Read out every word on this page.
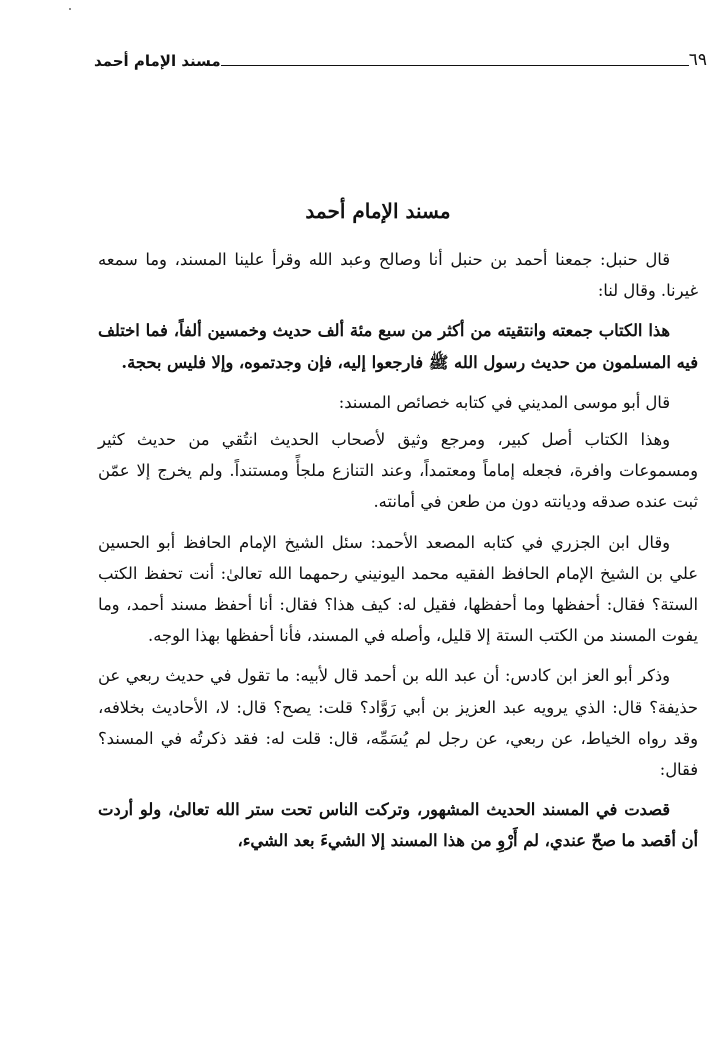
٦٩
مسند الإمام أحمد
مسند الإمام أحمد

قال حنبل: جمعنا أحمد بن حنبل أنا وصالح وعبد الله وقرأ علينا المسند، وما سمعه غيرنا. وقال لنا:

هذا الكتاب جمعته وانتقيته من أكثر من سبع مئة ألف حديث وخمسين ألفاً، فما اختلف فيه المسلمون من حديث رسول الله ﷺ فارجعوا إليه، فإن وجدتموه، وإلا فليس بحجة.

قال أبو موسى المديني في كتابه خصائص المسند:

وهذا الكتاب أصل كبير، ومرجع وثيق لأصحاب الحديث انتُقي من حديث كثير ومسموعات وافرة، فجعله إماماً ومعتمداً، وعند التنازع ملجأً ومستنداً. ولم يخرج إلا عمّن ثبت عنده صدقه وديانته دون من طعن في أمانته.

وقال ابن الجزري في كتابه المصعد الأحمد: سئل الشيخ الإمام الحافظ أبو الحسين علي بن الشيخ الإمام الحافظ الفقيه محمد اليونيني رحمهما الله تعالىٰ: أنت تحفظ الكتب الستة؟ فقال: أحفظها وما أحفظها، فقيل له: كيف هذا؟ فقال: أنا أحفظ مسند أحمد، وما يفوت المسند من الكتب الستة إلا قليل، وأصله في المسند، فأنا أحفظها بهذا الوجه.

وذكر أبو العز ابن كادس: أن عبد الله بن أحمد قال لأبيه: ما تقول في حديث ربعي عن حذيفة؟ قال: الذي يرويه عبد العزيز بن أبي رَوَّاد؟ قلت: يصح؟ قال: لا، الأحاديث بخلافه، وقد رواه الخياط، عن ربعي، عن رجل لم يُسَمِّه، قال: قلت له: فقد ذكرتُه في المسند؟ فقال:

قصدت في المسند الحديث المشهور، وتركت الناس تحت ستر الله تعالىٰ، ولو أردت أن أقصد ما صحّ عندي، لم أَرْوِ من هذا المسند إلا الشيءَ بعد الشيء،
